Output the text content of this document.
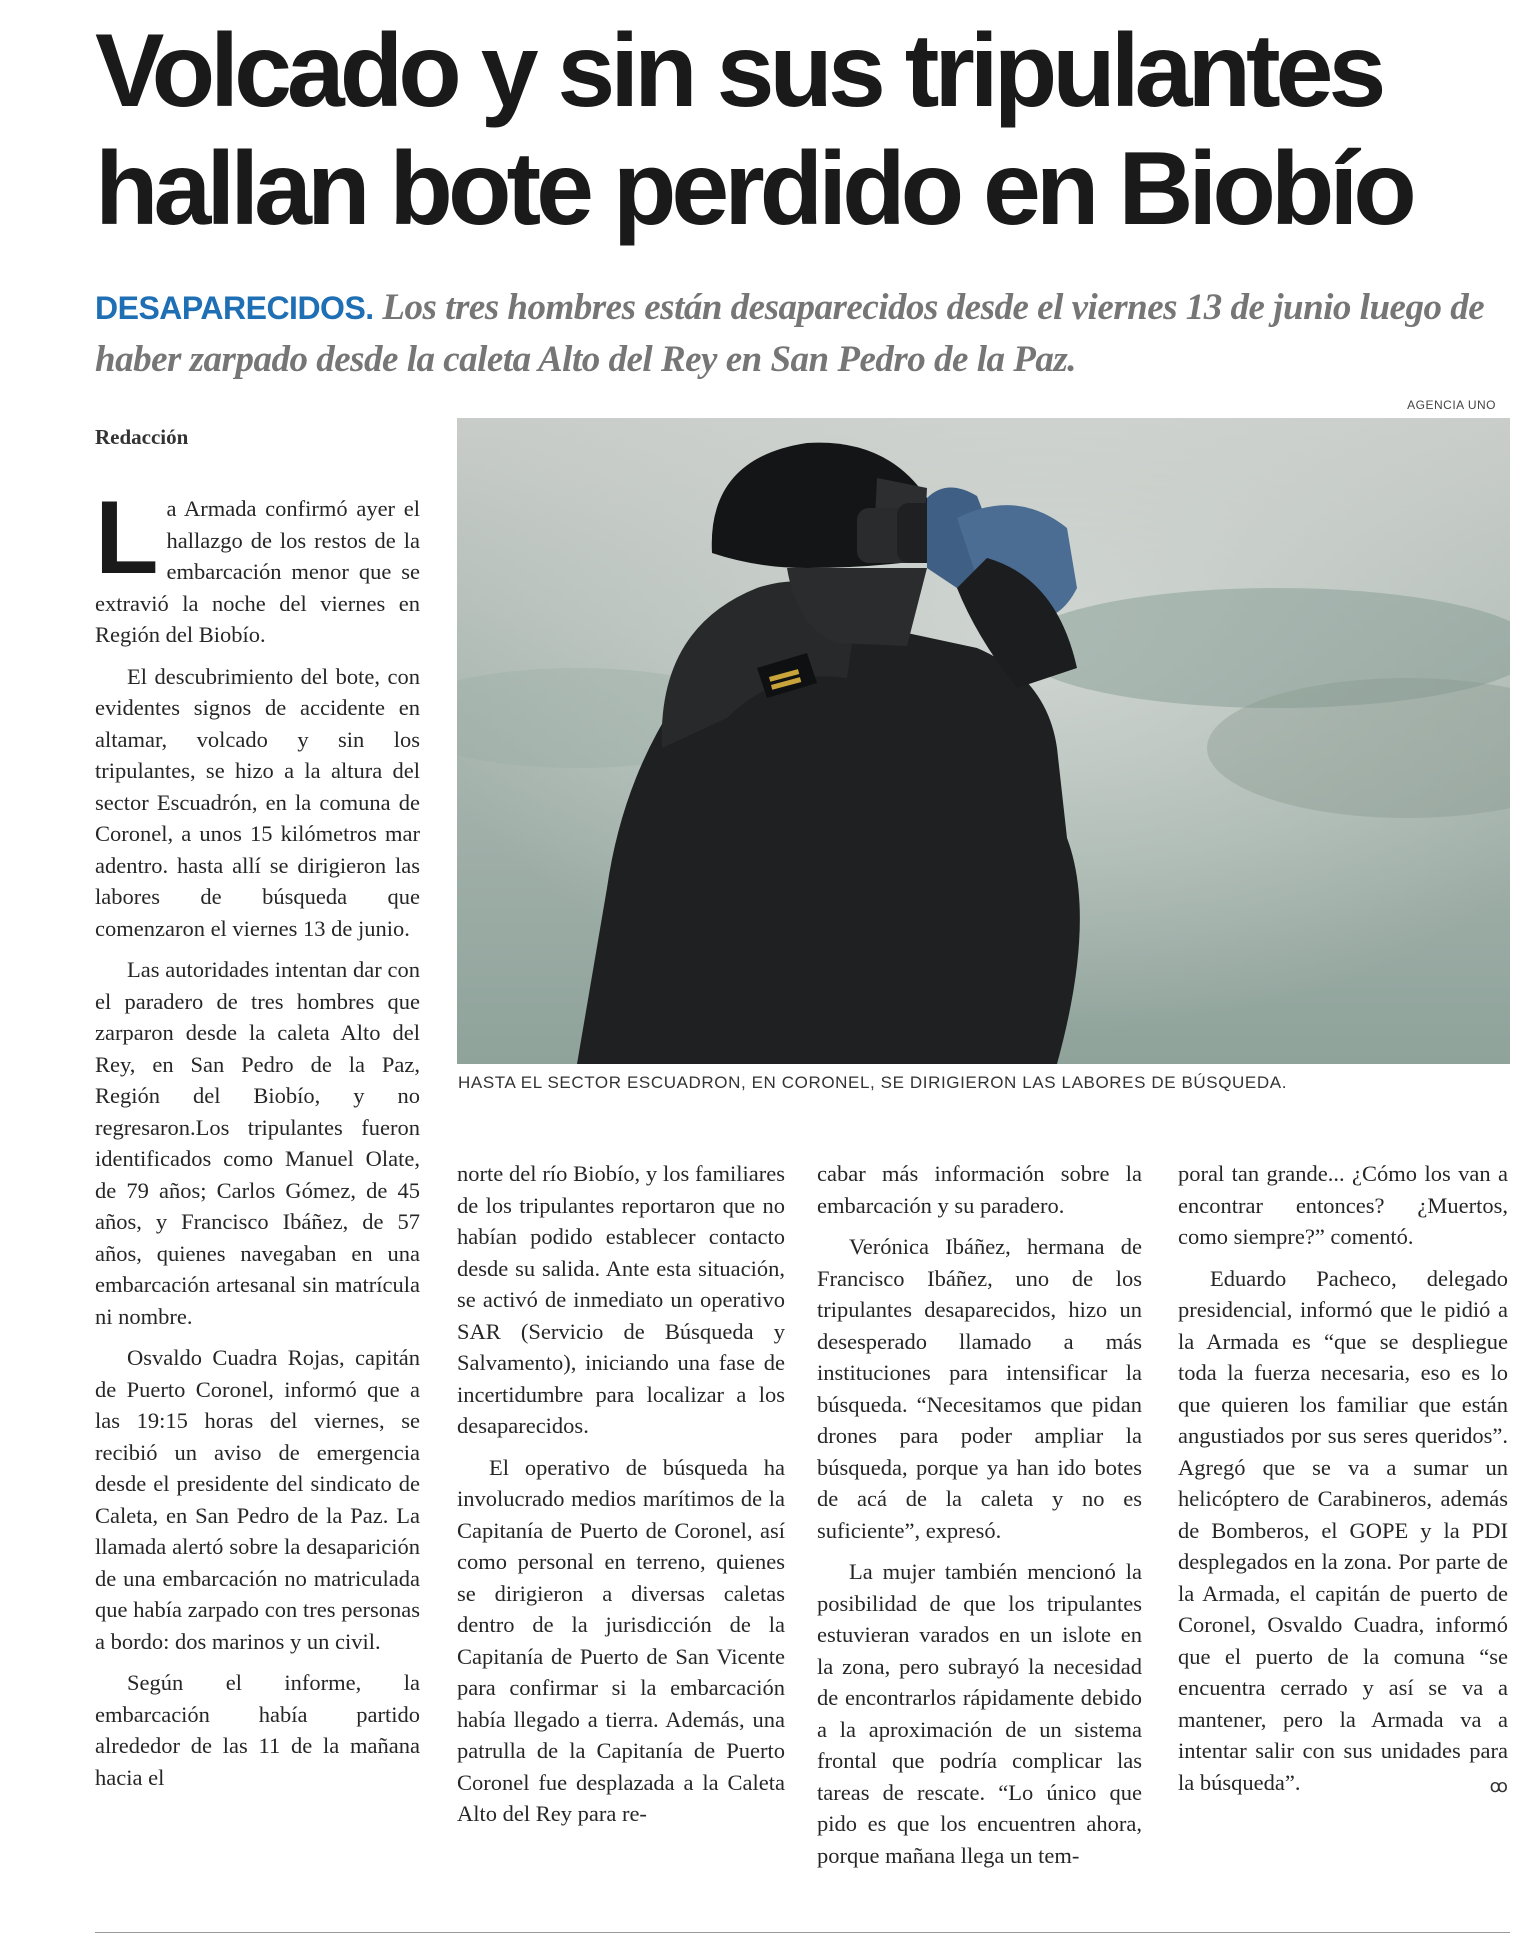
Volcado y sin sus tripulantes hallan bote perdido en Biobío

DESAPARECIDOS. Los tres hombres están desaparecidos desde el viernes 13 de junio luego de haber zarpado desde la caleta Alto del Rey en San Pedro de la Paz.

AGENCIA UNO
Redacción
HASTA EL SECTOR ESCUADRON, EN CORONEL, SE DIRIGIERON LAS LABORES DE BÚSQUEDA.

La Armada confirmó ayer el hallazgo de los restos de la embarcación menor que se extravió la noche del viernes en Región del Biobío.

El descubrimiento del bote, con evidentes signos de accidente en altamar, volcado y sin los tripulantes, se hizo a la altura del sector Escuadrón, en la comuna de Coronel, a unos 15 kilómetros mar adentro. hasta allí se dirigieron las labores de búsqueda que comenzaron el viernes 13 de junio.

Las autoridades intentan dar con el paradero de tres hombres que zarparon desde la caleta Alto del Rey, en San Pedro de la Paz, Región del Biobío, y no regresaron.Los tripulantes fueron identificados como Manuel Olate, de 79 años; Carlos Gómez, de 45 años, y Francisco Ibáñez, de 57 años, quienes navegaban en una embarcación artesanal sin matrícula ni nombre.

Osvaldo Cuadra Rojas, capitán de Puerto Coronel, informó que a las 19:15 horas del viernes, se recibió un aviso de emergencia desde el presidente del sindicato de Caleta, en San Pedro de la Paz. La llamada alertó sobre la desaparición de una embarcación no matriculada que había zarpado con tres personas a bordo: dos marinos y un civil.

Según el informe, la embarcación había partido alrededor de las 11 de la mañana hacia el

norte del río Biobío, y los familiares de los tripulantes reportaron que no habían podido establecer contacto desde su salida. Ante esta situación, se activó de inmediato un operativo SAR (Servicio de Búsqueda y Salvamento), iniciando una fase de incertidumbre para localizar a los desaparecidos.

El operativo de búsqueda ha involucrado medios marítimos de la Capitanía de Puerto de Coronel, así como personal en terreno, quienes se dirigieron a diversas caletas dentro de la jurisdicción de la Capitanía de Puerto de San Vicente para confirmar si la embarcación había llegado a tierra. Además, una patrulla de la Capitanía de Puerto Coronel fue desplazada a la Caleta Alto del Rey para re-

cabar más información sobre la embarcación y su paradero.

Verónica Ibáñez, hermana de Francisco Ibáñez, uno de los tripulantes desaparecidos, hizo un desesperado llamado a más instituciones para intensificar la búsqueda. “Necesitamos que pidan drones para poder ampliar la búsqueda, porque ya han ido botes de acá de la caleta y no es suficiente”, expresó.

La mujer también mencionó la posibilidad de que los tripulantes estuvieran varados en un islote en la zona, pero subrayó la necesidad de encontrarlos rápidamente debido a la aproximación de un sistema frontal que podría complicar las tareas de rescate. “Lo único que pido es que los encuentren ahora, porque mañana llega un tem-

poral tan grande... ¿Cómo los van a encontrar entonces? ¿Muertos, como siempre?” comentó.

Eduardo Pacheco, delegado presidencial, informó que le pidió a la Armada es “que se despliegue toda la fuerza necesaria, eso es lo que quieren los familiar que están angustiados por sus seres queridos”. Agregó que se va a sumar un helicóptero de Carabineros, además de Bomberos, el GOPE y la PDI desplegados en la zona. Por parte de la Armada, el capitán de puerto de Coronel, Osvaldo Cuadra, informó que el puerto de la comuna “se encuentra cerrado y así se va a mantener, pero la Armada va a intentar salir con sus unidades para la búsqueda”.	ꝏ
